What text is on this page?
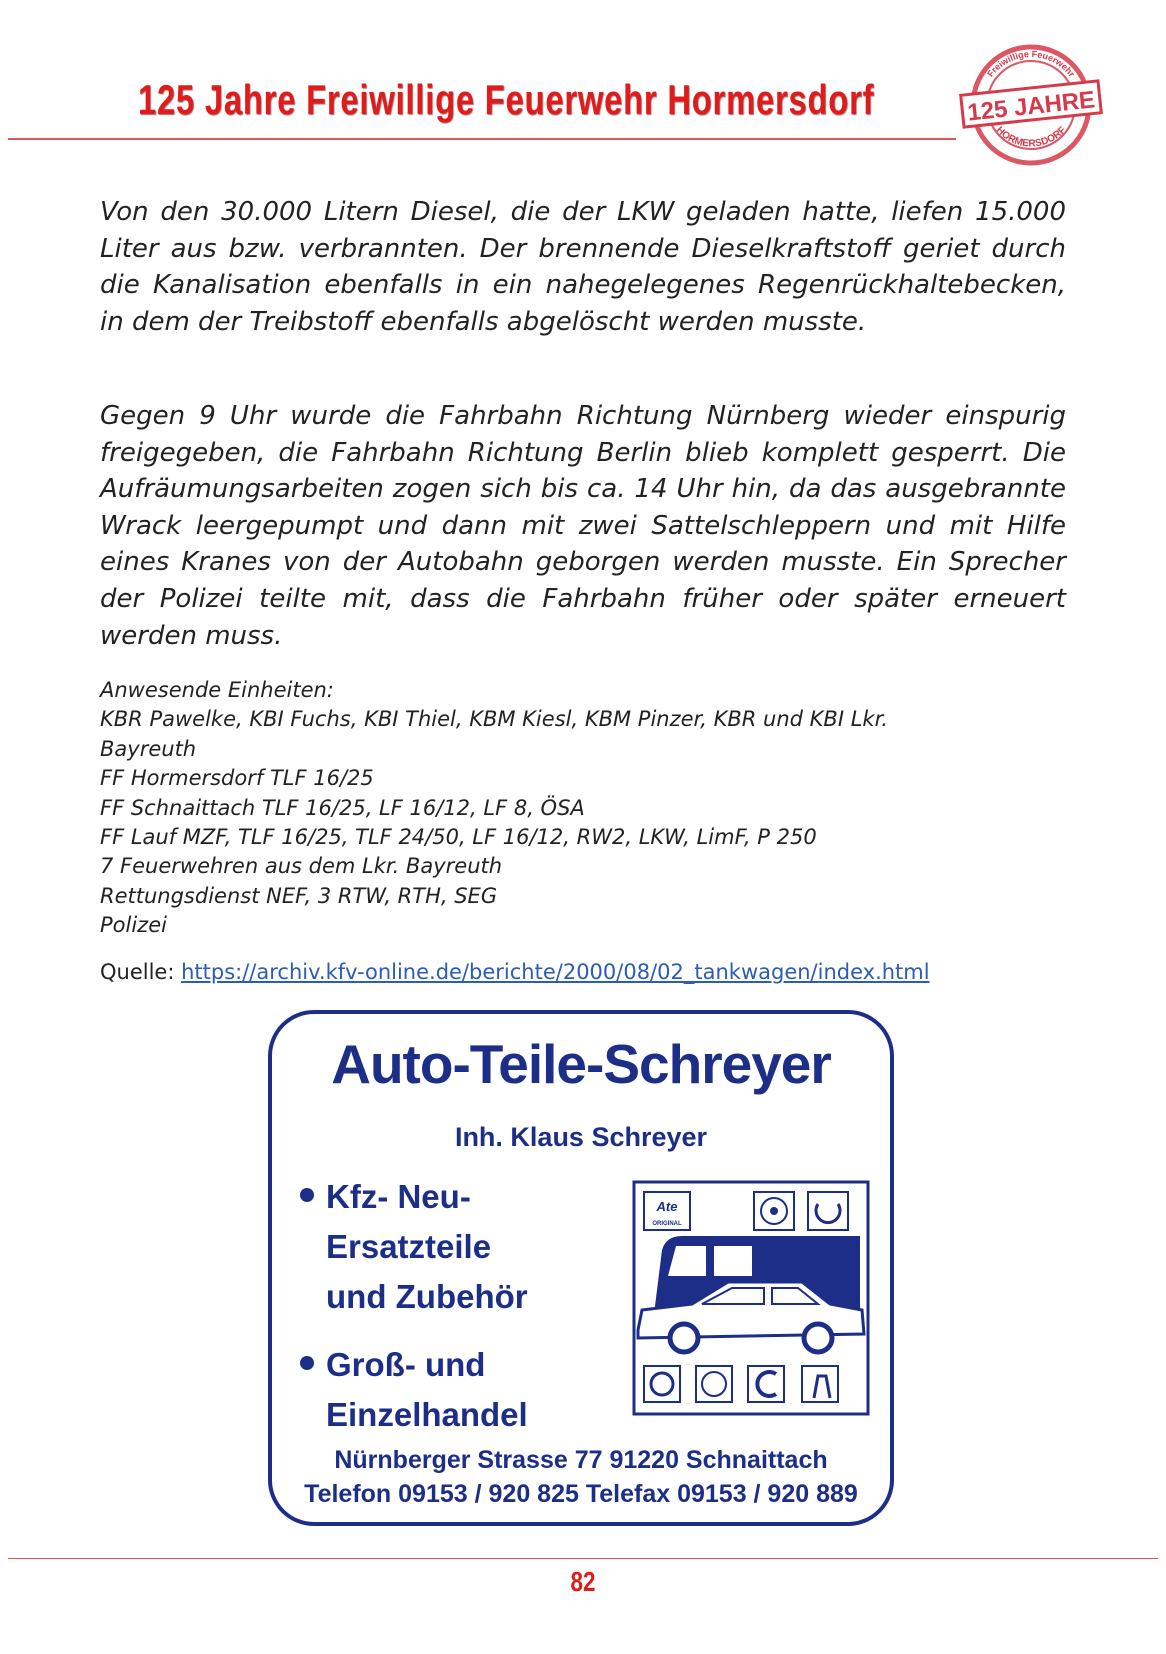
125 Jahre Freiwillige Feuerwehr Hormersdorf
Freiwillige Feuerwehr
HORMERSDORF
125 JAHRE

Von den 30.000 Litern Diesel, die der LKW geladen hatte, liefen 15.000 Liter aus bzw. verbrannten. Der brennende Dieselkraftstoff geriet durch die Kanalisation ebenfalls in ein nahegelegenes Regenrückhaltebecken, in dem der Treibstoff ebenfalls abgelöscht werden musste.

Gegen 9 Uhr wurde die Fahrbahn Richtung Nürnberg wieder einspurig freigegeben, die Fahrbahn Richtung Berlin blieb komplett gesperrt. Die Aufräumungsarbeiten zogen sich bis ca. 14 Uhr hin, da das ausgebrannte Wrack leergepumpt und dann mit zwei Sattelschleppern und mit Hilfe eines Kranes von der Autobahn geborgen werden musste. Ein Sprecher der Polizei teilte mit, dass die Fahrbahn früher oder später erneuert werden muss.

Anwesende Einheiten:
KBR Pawelke, KBI Fuchs, KBI Thiel, KBM Kiesl, KBM Pinzer, KBR und KBI Lkr.
Bayreuth
FF Hormersdorf TLF 16/25
FF Schnaittach TLF 16/25, LF 16/12, LF 8, ÖSA
FF Lauf MZF, TLF 16/25, TLF 24/50, LF 16/12, RW2, LKW, LimF, P 250
7 Feuerwehren aus dem Lkr. Bayreuth
Rettungsdienst NEF, 3 RTW, RTH, SEG
Polizei
Quelle: https://archiv.kfv-online.de/berichte/2000/08/02_tankwagen/index.html
Auto-Teile-Schreyer
Inh. Klaus Schreyer
Kfz- Neu-
Ersatzteile
und Zubehör
Groß- und
Einzelhandel
Ate
ORIGINAL
Nürnberger Strasse 77 91220 Schnaittach
Telefon 09153 / 920 825 Telefax 09153 / 920 889
82
